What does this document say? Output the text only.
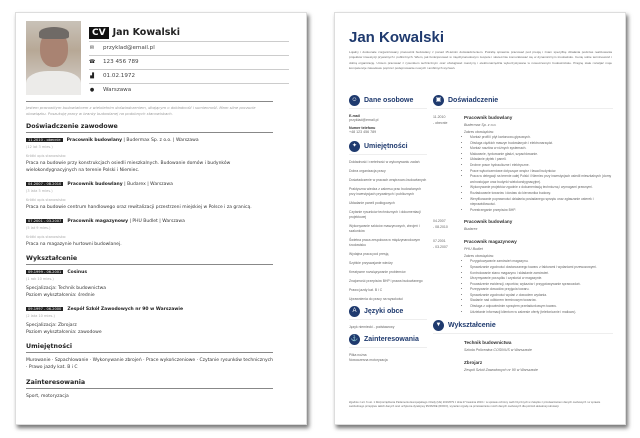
CV Jan Kowalski
✉ przyklad@email.pl
☎ 123 456 789
▟ 01.02.1972
● Warszawa
Jestem pracowitym budowlańcem z wieloletnim doświadczeniem, dbającym o dokładność i sumienność. Mam silne poczucie obowiązku. Poszukuję pracy w branży budowlanej na podobnych stanowiskach.
Doświadczenie zawodowe
11.2010 - obecnie Pracownik budowlany | Budermax Sp. z o.o. | Warszawa
(12 lat 3 mies.)
Krótki opis stanowiska:
Praca na budowie przy konstrukcjach osiedli mieszkalnych. Budowanie domów i budynków wielokondygnacyjnych na terenie Polski i Niemiec.
04.2007 - 08.2010 Pracownik budowlany | Budarex | Warszawa
(3 lata 5 mies.)
Krótki opis stanowiska:
Praca na budowie centrum handlowego oraz rewitalizacji przestrzeni miejskiej w Polsce i za granicą.
07.2001 - 03.2007 Pracownik magazynowy | PHU Budlet | Warszawa
(5 lat 9 mies.)
Krótki opis stanowiska:
Praca na magazynie hurtowni budowlanej.
Wykształcenie
09.1999 - 06.2001 Cosinus
(1 rok 10 mies.)
Specjalizacja: Technik budownictwa
Poziom wykształcenia: średnie
09.1997 - 06.2000 Zespół Szkół Zawodowych nr 90 w Warszawie
(2 lata 10 mies.)
Specjalizacja: Zbrojarz
Poziom wykształcenia: zawodowe
Umiejętności
Murowanie · Szpachlowanie · Wykonywanie zbrojeń · Prace wykończeniowe · Czytanie rysunków technicznych · Prawo jazdy kat. B i C
Zainteresowania
Sport, motoryzacja
Jan Kowalski
Lojalny i doskonale zorganizowany pracownik budowlany z ponad 15-letnim doświadczeniem. Potrafię sprawnie pracować pod presją i znam specyfikę działania podczas realizowania projektów inwestycji prywatnych i publicznych. Wiem, jak funkcjonować w międzynarodowym zespole i skutecznie komunikować się w dynamicznym środowisku. Cenię sobie terminowość i dobrą organizację. Umiem pracować z rysunkiem technicznym oraz obsługiwać maszyny i elektronarzędzia wykorzystywane w nowoczesnym budownictwie. Pragnę stale rozwijać moje kompetencje zawodowe poprzez podejmowanie nowych i ambitnych wyzwań.
☺ Dane osobowe
E-mail
przyklad@email.pl
Numer telefonu
+48 123 456 789
✦ Umiejętności
Dokładność i rzetelność w wykonywaniu zadań
Dobra organizacja pracy
Doświadczenie w pracach wnętrzowo-budowlanych
Praktyczna wiedza z zakresu prac budowlanych przy inwestycjach prywatnych i publicznych
Układanie paneli podłogowych
Czytanie rysunków technicznych i dokumentacji projektowej
Wykonywanie szkiców maszynowych, zbrojeń i szalunków
Świetna praca zespołowa w międzynarodowym środowisku
Wydajna praca pod presją
Szybkie przyswajanie wiedzy
Kreatywne rozwiązywanie problemów
Znajomość przepisów BHP i prawa budowlanego
Prawo jazdy kat. B i C
Uprawnienia do pracy na wysokości
A	Języki obce
Język niemiecki - podstawowy
⚓ Zainteresowania
Piłka nożna
Nowoczesna motoryzacja
▣ Doświadczenie
11.2010
- obecnie
Pracownik budowlany
Budermax Sp. z o.o.
Zakres obowiązków:
• Montaż profili i płyt kartonowo-gipsowych.
• Obsługa ciężkich maszyn budowlanych i elektronarzędzi.
• Montaż rusztów w różnych systemach.
• Malowanie, tynkowanie gładzi, szpachlowanie.
• Układanie płytek i paneli.
• Drobne prace hydrauliczne i elektryczne.
• Prace wykończeniowe dotyczące wnętrz i fasad budynków.
• Praca w delegacji na terenie całej Polski i Niemiec przy inwestycjach osiedli mieszkalnych (domy wolnostojące oraz budynki wielokondygnacyjne).
• Wykonywanie projektów zgodnie z dokumentacją techniczną i wymogami prawnymi.
• Rozładowanie towarów i dostaw do kierownika budowy.
• Weryfikowanie poprawności działania posiadanego sprzętu oraz zgłaszanie usterek i nieprawidłowości.
• Przestrzeganie przepisów BHP.
04.2007
- 08.2010
Pracownik budowlany
Budarex
07.2001
- 03.2007
Pracownik magazynowy
PHU Budlet
Zakres obowiązków:
• Przygotowywanie zamówień magazynu.
• Sprawdzanie zgodności dostarczanego towaru z fakturami i wydaniami przewozowymi.
• Kontrolowanie stanu magazynu i składanie zamówień.
• Utrzymywanie porządku i czystości w magazynie.
• Prowadzenie ewidencji, raportów, wykazów i przygotowywanie sprawozdań.
• Przepywanie dowodów przyjęcia towaru.
• Sprawdzanie zgodności wydań z dowodem wydania.
• Siadanie nad odbiorem terminowym towarów.
• Obsługa z odpowiednim sprzętem przeładunkowym towaru.
• Udzielanie informacji klientom w zakresie oferty (telefonicznie i mailowo).
▼ Wykształcenie
Technik budownictwa
Szkoła Policealna COSINUS w Warszawie
Zbrojarz
Zespół Szkół Zawodowych nr 90 w Warszawie
Zgodnie z art. 6 ust. 1 Rozporządzenia Parlamentu Europejskiego i Rady (UE) 2016/679 z dnia 27 kwietnia 2016 r. w sprawie ochrony osób fizycznych w związku z przetwarzaniem danych osobowych i w sprawie swobodnego przepływu takich danych oraz uchylenia dyrektywy 95/46/WE (RODO), wyrażam zgodę na przetwarzanie moich danych osobowych dla potrzeb aktualnej rekrutacji.
